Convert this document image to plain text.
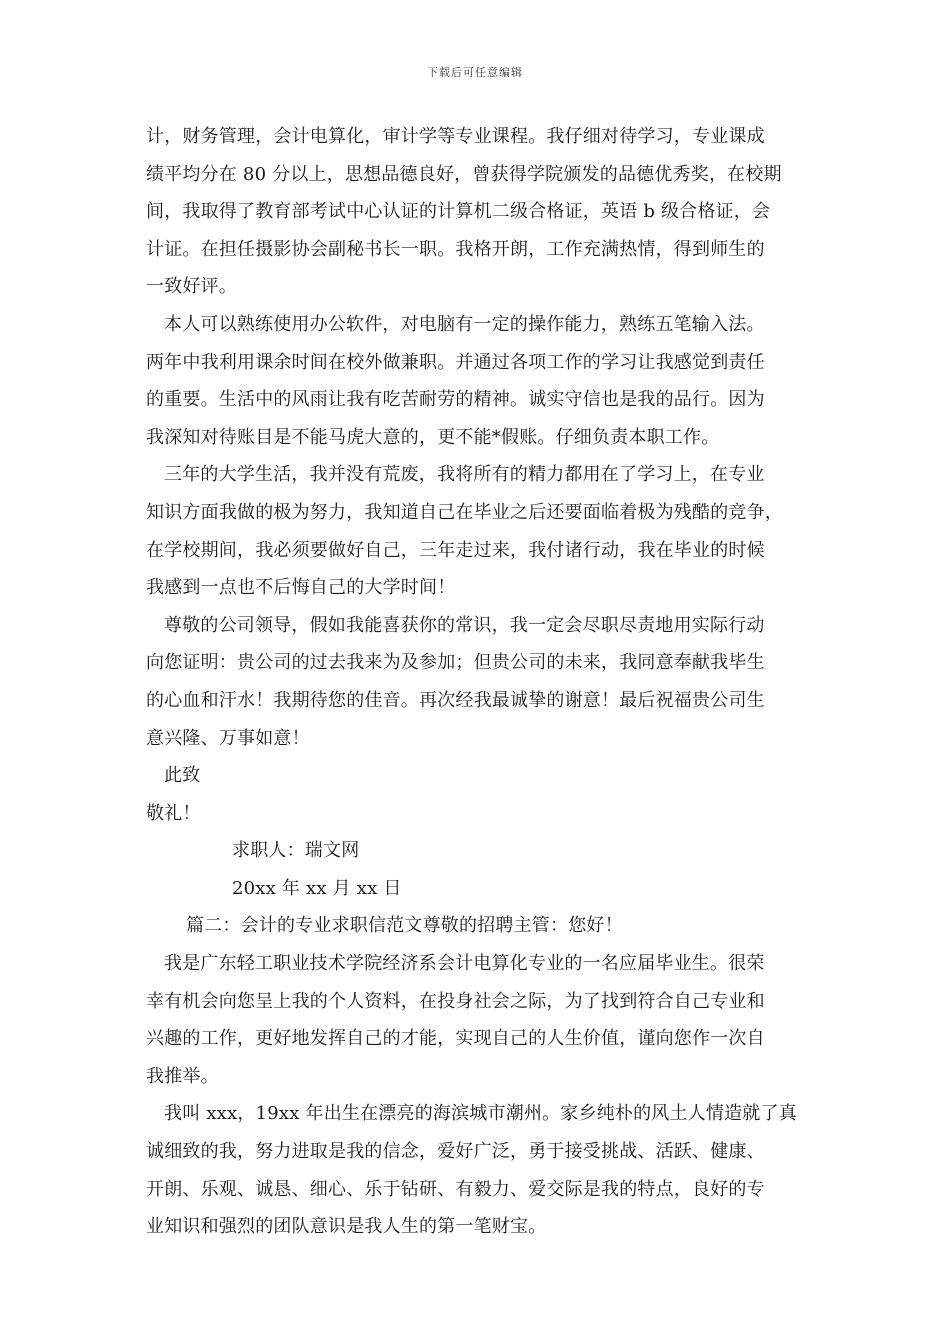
下载后可任意编辑
计，财务管理，会计电算化，审计学等专业课程。我仔细对待学习，专业课成
绩平均分在 80 分以上，思想品德良好，曾获得学院颁发的品德优秀奖，在校期
间，我取得了教育部考试中心认证的计算机二级合格证，英语 b 级合格证，会
计证。在担任摄影协会副秘书长一职。我格开朗，工作充满热情，得到师生的
一致好评。
本人可以熟练使用办公软件，对电脑有一定的操作能力，熟练五笔输入法。
两年中我利用课余时间在校外做兼职。并通过各项工作的学习让我感觉到责任
的重要。生活中的风雨让我有吃苦耐劳的精神。诚实守信也是我的品行。因为
我深知对待账目是不能马虎大意的，更不能*假账。仔细负责本职工作。
三年的大学生活，我并没有荒废，我将所有的精力都用在了学习上，在专业
知识方面我做的极为努力，我知道自己在毕业之后还要面临着极为残酷的竞争，
在学校期间，我必须要做好自己，三年走过来，我付诸行动，我在毕业的时候
我感到一点也不后悔自己的大学时间！
尊敬的公司领导，假如我能喜获你的常识，我一定会尽职尽责地用实际行动
向您证明：贵公司的过去我来为及参加；但贵公司的未来，我同意奉献我毕生
的心血和汗水！我期待您的佳音。再次经我最诚挚的谢意！最后祝福贵公司生
意兴隆、万事如意！
此致
敬礼！
求职人：瑞文网
20xx 年 xx 月 xx 日
篇二：会计的专业求职信范文尊敬的招聘主管：您好！
我是广东轻工职业技术学院经济系会计电算化专业的一名应届毕业生。很荣
幸有机会向您呈上我的个人资料，在投身社会之际，为了找到符合自己专业和
兴趣的工作，更好地发挥自己的才能，实现自己的人生价值，谨向您作一次自
我推举。
我叫 xxx，19xx 年出生在漂亮的海滨城市潮州。家乡纯朴的风土人情造就了真
诚细致的我，努力进取是我的信念，爱好广泛，勇于接受挑战、活跃、健康、
开朗、乐观、诚恳、细心、乐于钻研、有毅力、爱交际是我的特点，良好的专
业知识和强烈的团队意识是我人生的第一笔财宝。
